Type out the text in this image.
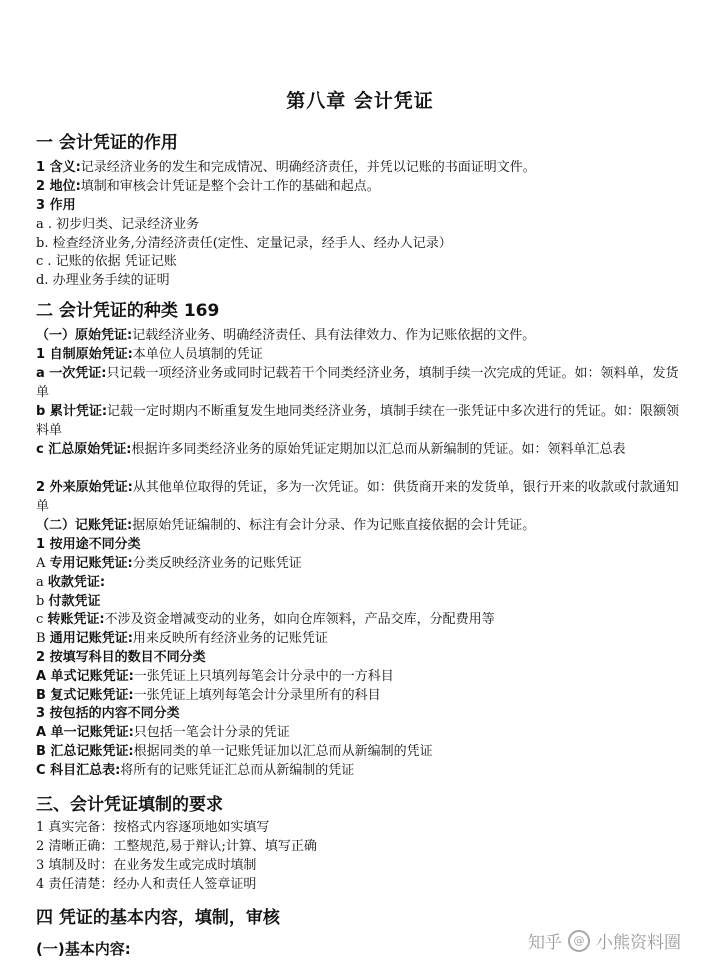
第八章 会计凭证
一 会计凭证的作用
1 含义:记录经济业务的发生和完成情况、明确经济责任，并凭以记账的书面证明文件。
2 地位:填制和审核会计凭证是整个会计工作的基础和起点。
3 作用
a . 初步归类、记录经济业务
b. 检查经济业务,分清经济责任(定性、定量记录，经手人、经办人记录）
c . 记账的依据 凭证记账
d. 办理业务手续的证明
二 会计凭证的种类 169
（一）原始凭证:记载经济业务、明确经济责任、具有法律效力、作为记账依据的文件。
1 自制原始凭证:本单位人员填制的凭证
a 一次凭证:只记载一项经济业务或同时记载若干个同类经济业务，填制手续一次完成的凭证。如：领料单，发货单
b 累计凭证:记载一定时期内不断重复发生地同类经济业务，填制手续在一张凭证中多次进行的凭证。如：限额领料单
c 汇总原始凭证:根据许多同类经济业务的原始凭证定期加以汇总而从新编制的凭证。如：领料单汇总表
2 外来原始凭证:从其他单位取得的凭证，多为一次凭证。如：供货商开来的发货单，银行开来的收款或付款通知单
（二）记账凭证:据原始凭证编制的、标注有会计分录、作为记账直接依据的会计凭证。
1 按用途不同分类
A 专用记账凭证:分类反映经济业务的记账凭证
a 收款凭证:
b 付款凭证
c 转账凭证:不涉及资金增减变动的业务，如向仓库领料，产品交库，分配费用等
B 通用记账凭证:用来反映所有经济业务的记账凭证
2 按填写科目的数目不同分类
A 单式记账凭证:一张凭证上只填列每笔会计分录中的一方科目
B 复式记账凭证:一张凭证上填列每笔会计分录里所有的科目
3 按包括的内容不同分类
A 单一记账凭证:只包括一笔会计分录的凭证
B 汇总记账凭证:根据同类的单一记账凭证加以汇总而从新编制的凭证
C 科目汇总表:将所有的记账凭证汇总而从新编制的凭证
三、会计凭证填制的要求
1 真实完备：按格式内容逐项地如实填写
2 清晰正确：工整规范,易于辩认;计算、填写正确
3 填制及时：在业务发生或完成时填制
4 责任清楚：经办人和责任人签章证明
四 凭证的基本内容，填制，审核
(一)基本内容:	知乎	@ 小熊资料圈
